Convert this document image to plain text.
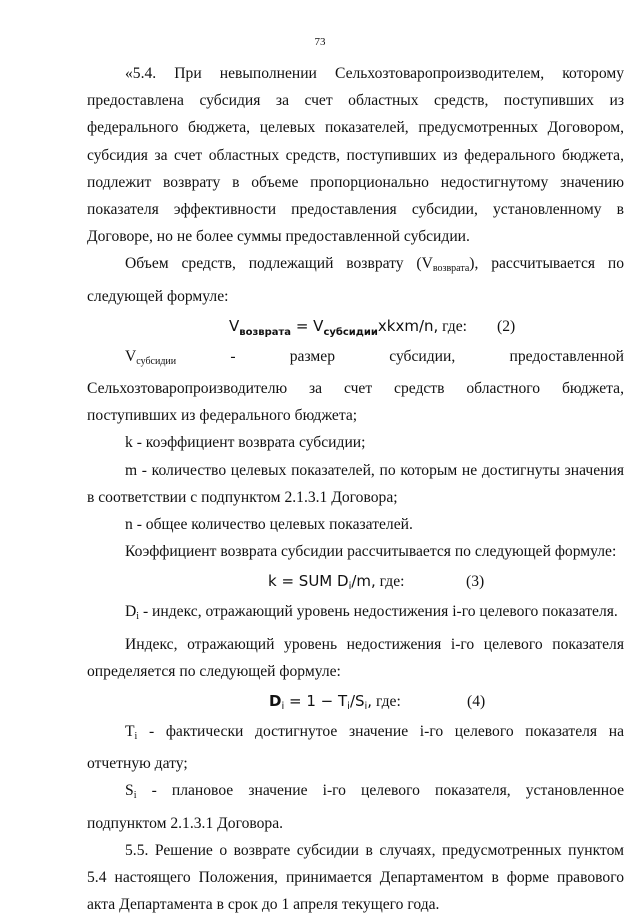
73

«5.4. При невыполнении Сельхозтоваропроизводителем, которому предоставлена субсидия за счет областных средств, поступивших из федерального бюджета, целевых показателей, предусмотренных Договором, субсидия за счет областных средств, поступивших из федерального бюджета, подлежит возврату в объеме пропорционально недостигнутому значению показателя эффективности предоставления субсидии, установленному в Договоре, но не более суммы предоставленной субсидии.

Объем средств, подлежащий возврату $(V_{возврата})$, рассчитывается по следующей формуле:

$V_{возврата}$ = $V_{субсидии}xkxm/n$, где: (2)

$V_{субсидии}$ - размер субсидии, предоставленной Сельхозтоваропроизводителю за счет средств областного бюджета, поступивших из федерального бюджета;

k - коэффициент возврата субсидии;

m - количество целевых показателей, по которым не достигнуты значения в соответствии с подпунктом 2.1.3.1 Договора;

n - общее количество целевых показателей.

Коэффициент возврата субсидии рассчитывается по следующей формуле:

k = SUM $D_i/m$, где:	(3)

$D_i$ - индекс, отражающий уровень недостижения i-го целевого показателя.

Индекс, отражающий уровень недостижения i-го целевого показателя определяется по следующей формуле:

$D_i = 1 - T_i/S_i$, где:	(4)

$T_i$ - фактически достигнутое значение i-го целевого показателя на отчетную дату;

$S_i$ - плановое значение i-го целевого показателя, установленное подпунктом 2.1.3.1 Договора.

5.5. Решение о возврате субсидии в случаях, предусмотренных пунктом 5.4 настоящего Положения, принимается Департаментом в форме правового акта Департамента в срок до 1 апреля текущего года.
